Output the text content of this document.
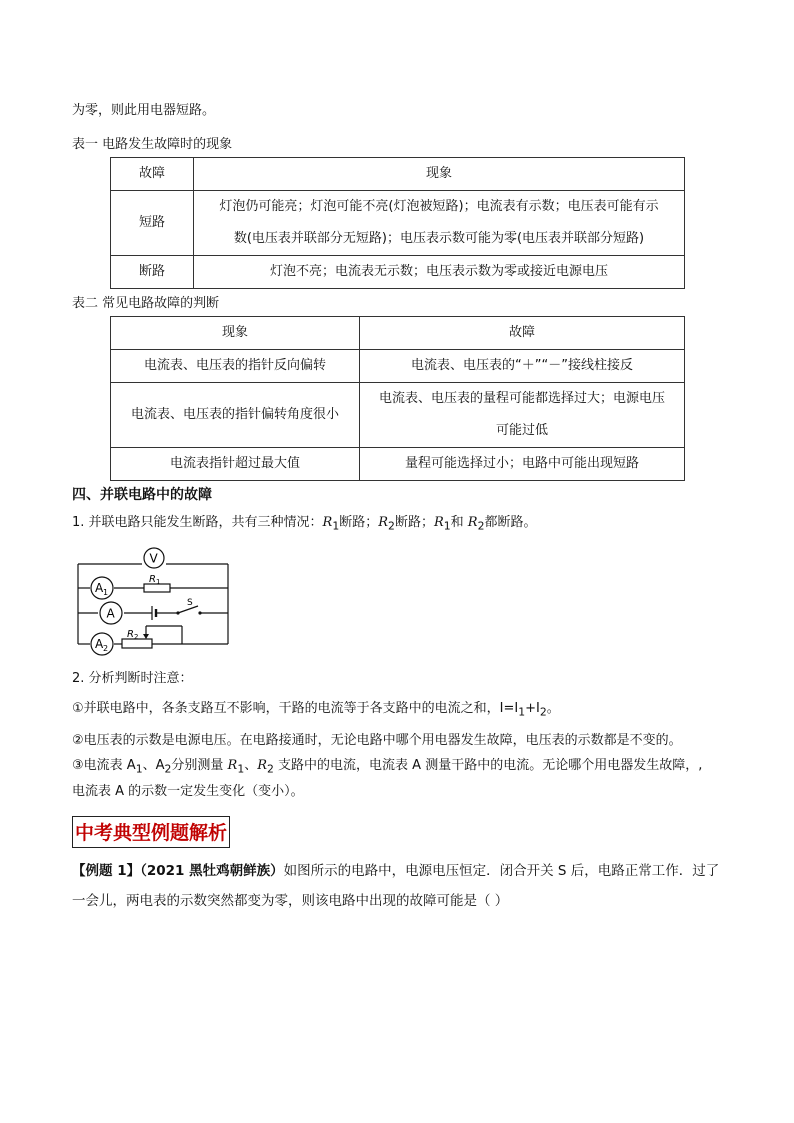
为零，则此用电器短路。
表一 电路发生故障时的现象
故障	现象
短路	灯泡仍可能亮；灯泡可能不亮(灯泡被短路)；电流表有示数；电压表可能有示
数(电压表并联部分无短路)；电压表示数可能为零(电压表并联部分短路)

断路	灯泡不亮；电流表无示数；电压表示数为零或接近电源电压
表二 常见电路故障的判断
现象	故障
电流表、电压表的指针反向偏转	电流表、电压表的“＋”“－”接线柱接反
电流表、电压表的指针偏转角度很小	电流表、电压表的量程可能都选择过大；电源电压
可能过低

电流表指针超过最大值	量程可能选择过小；电路中可能出现短路
四、并联电路中的故障
1. 并联电路只能发生断路，共有三种情况：$R_1$断路；$R_2$断路；$R_1$和 $R_2$都断路。
V
A 1
R 1
A
S
A 2
R 2
2. 分析判断时注意：
①并联电路中，各条支路互不影响，干路的电流等于各支路中的电流之和，$I=I_1+I_2$。
②电压表的示数是电源电压。在电路接通时，无论电路中哪个用电器发生故障，电压表的示数都是不变的。
③电流表 $A_1$、$A_2$分别测量 $R_1$、$R_2$ 支路中的电流，电流表 A 测量干路中的电流。无论哪个用电器发生故障，,
电流表 A 的示数一定发生变化（变小）。
中考典型例题解析
【例题 1】（2021 黑牡鸡朝鲜族）如图所示的电路中，电源电压恒定．闭合开关 S 后，电路正常工作．过了一会儿，两电表的示数突然都变为零，则该电路中出现的故障可能是（ ）
